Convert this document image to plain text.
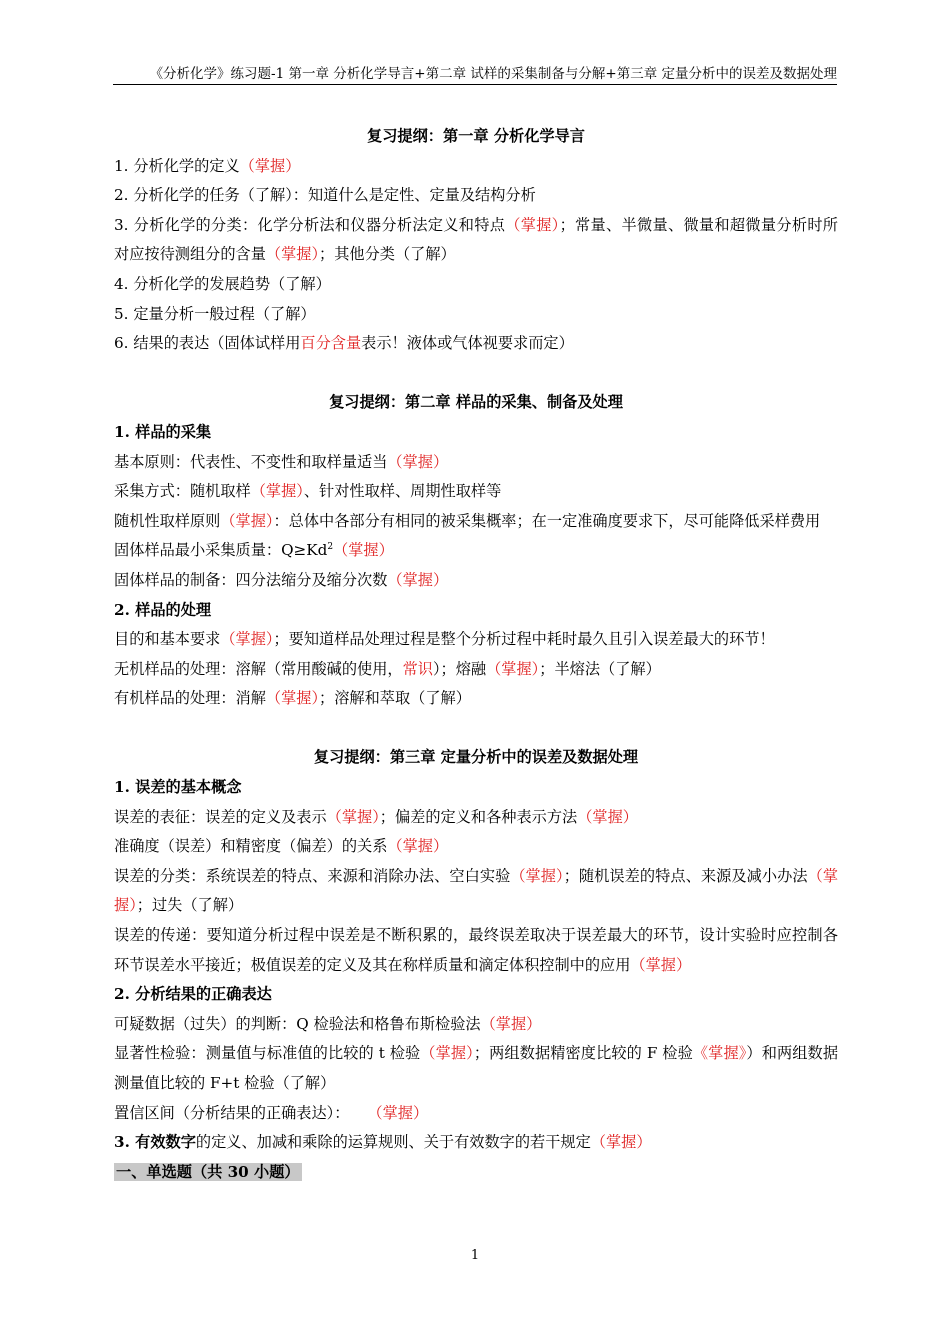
《分析化学》练习题-1 第一章 分析化学导言+第二章 试样的采集制备与分解+第三章 定量分析中的误差及数据处理
复习提纲：第一章 分析化学导言
1. 分析化学的定义（掌握）
2. 分析化学的任务（了解）：知道什么是定性、定量及结构分析
3. 分析化学的分类：化学分析法和仪器分析法定义和特点（掌握）；常量、半微量、微量和超微量分析时所对应按待测组分的含量（掌握）；其他分类（了解）
4. 分析化学的发展趋势（了解）
5. 定量分析一般过程（了解）
6. 结果的表达（固体试样用百分含量表示！液体或气体视要求而定）
复习提纲：第二章 样品的采集、制备及处理
1. 样品的采集
基本原则：代表性、不变性和取样量适当（掌握）
采集方式：随机取样（掌握）、针对性取样、周期性取样等
随机性取样原则（掌握）：总体中各部分有相同的被采集概率；在一定准确度要求下，尽可能降低采样费用
固体样品最小采集质量：$Q\ge Kd^2$（掌握）
固体样品的制备：四分法缩分及缩分次数（掌握）
2. 样品的处理
目的和基本要求（掌握）；要知道样品处理过程是整个分析过程中耗时最久且引入误差最大的环节！
无机样品的处理：溶解（常用酸碱的使用，常识）；熔融（掌握）；半熔法（了解）
有机样品的处理：消解（掌握）；溶解和萃取（了解）
复习提纲：第三章 定量分析中的误差及数据处理
1. 误差的基本概念
误差的表征：误差的定义及表示（掌握）；偏差的定义和各种表示方法（掌握）
准确度（误差）和精密度（偏差）的关系（掌握）
误差的分类：系统误差的特点、来源和消除办法、空白实验（掌握）；随机误差的特点、来源及减小办法（掌握）；过失（了解）
误差的传递：要知道分析过程中误差是不断积累的，最终误差取决于误差最大的环节，设计实验时应控制各环节误差水平接近；极值误差的定义及其在称样质量和滴定体积控制中的应用（掌握）
2. 分析结果的正确表达
可疑数据（过失）的判断：Q 检验法和格鲁布斯检验法（掌握）
显著性检验：测量值与标准值的比较的 t 检验（掌握）；两组数据精密度比较的 F 检验《掌握》）和两组数据测量值比较的 F+t 检验（了解）
置信区间（分析结果的正确表达）： （掌握）
3. 有效数字的定义、加减和乘除的运算规则、关于有效数字的若干规定（掌握）
一、单选题（共 30 小题）
1
